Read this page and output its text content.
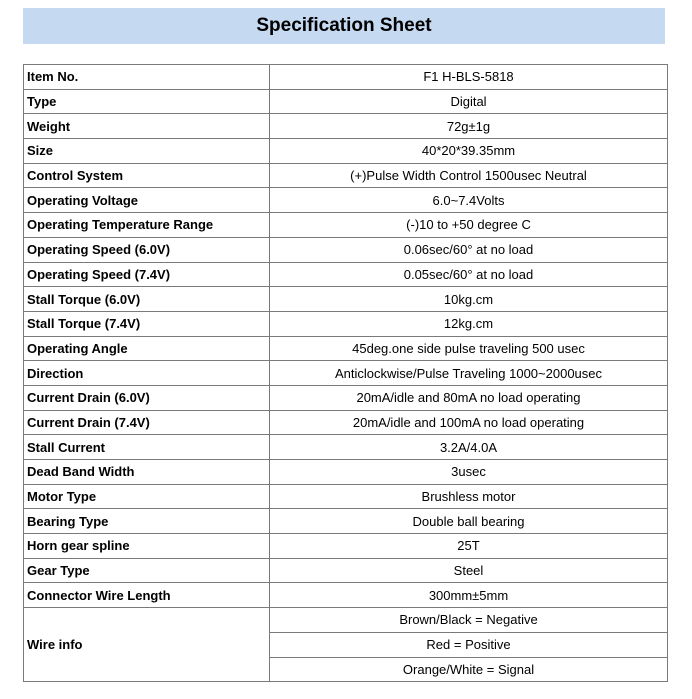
Specification Sheet
Item No.	F1 H-BLS-5818
Type	Digital
Weight	72g±1g
Size	40*20*39.35mm
Control System	(+)Pulse Width Control 1500usec Neutral
Operating Voltage	6.0~7.4Volts
Operating Temperature Range	(-)10 to +50 degree C
Operating Speed (6.0V)	0.06sec/60° at no load
Operating Speed (7.4V)	0.05sec/60° at no load
Stall Torque (6.0V)	10kg.cm
Stall Torque (7.4V)	12kg.cm
Operating Angle	45deg.one side pulse traveling 500 usec
Direction	Anticlockwise/Pulse Traveling 1000~2000usec
Current Drain (6.0V)	20mA/idle and 80mA no load operating
Current Drain (7.4V)	20mA/idle and 100mA no load operating
Stall Current	3.2A/4.0A
Dead Band Width	3usec
Motor Type	Brushless motor
Bearing Type	Double ball bearing
Horn gear spline	25T
Gear Type	Steel
Connector Wire Length	300mm±5mm
Wire info	Brown/Black = Negative
	Red = Positive
	Orange/White = Signal
